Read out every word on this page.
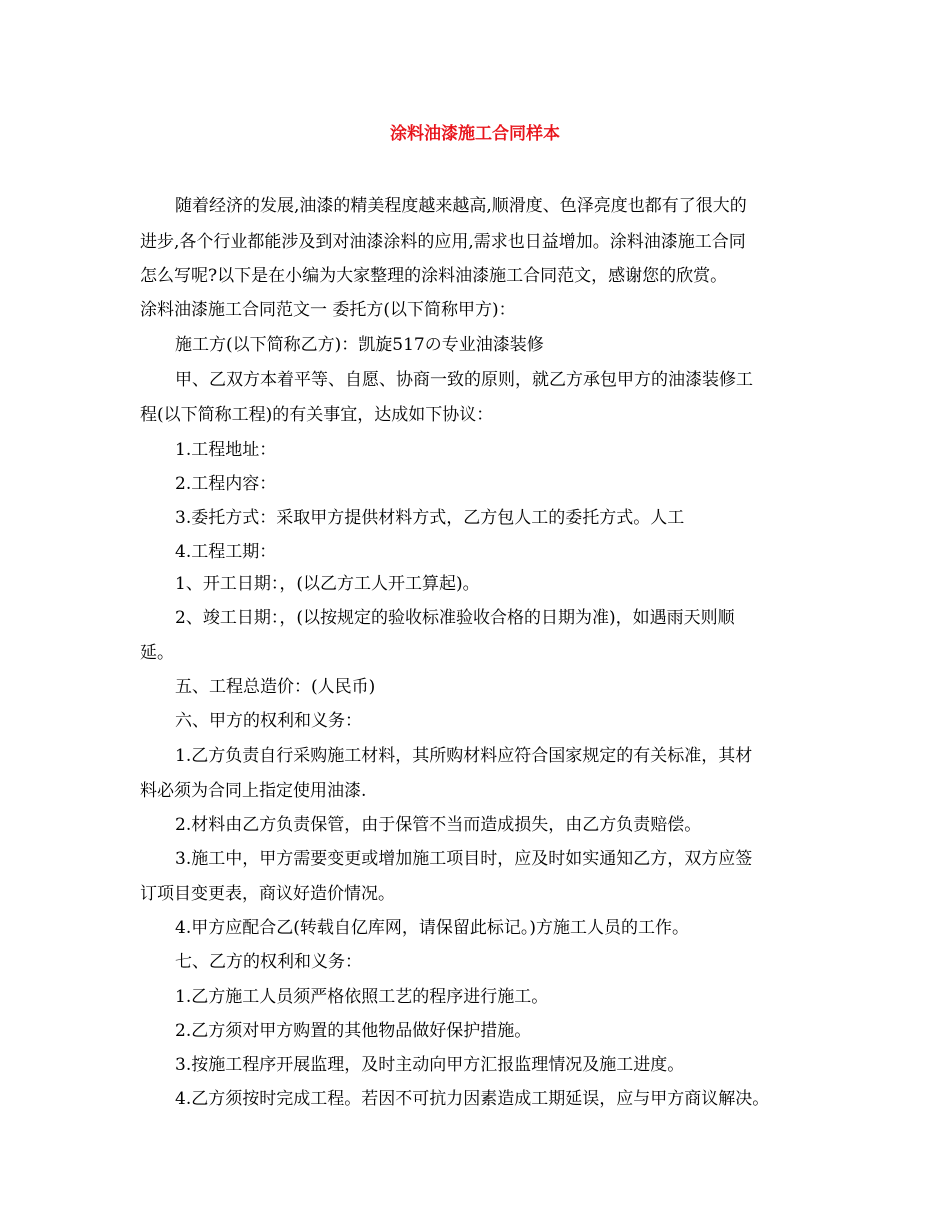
涂料油漆施工合同样本

随着经济的发展,油漆的精美程度越来越高,顺滑度、色泽亮度也都有了很大的

进步,各个行业都能涉及到对油漆涂料的应用,需求也日益增加。涂料油漆施工合同

怎么写呢?以下是在小编为大家整理的涂料油漆施工合同范文，感谢您的欣赏。

涂料油漆施工合同范文一 委托方(以下简称甲方)：

施工方(以下简称乙方)：凯旋517の专业油漆装修

甲、乙双方本着平等、自愿、协商一致的原则，就乙方承包甲方的油漆装修工

程(以下简称工程)的有关事宜，达成如下协议：

1.工程地址：

2.工程内容：

3.委托方式：采取甲方提供材料方式，乙方包人工的委托方式。人工

4.工程工期：

1、开工日期：，(以乙方工人开工算起)。

2、竣工日期：，(以按规定的验收标准验收合格的日期为准)，如遇雨天则顺

延。

五、工程总造价：(人民币)

六、甲方的权利和义务：

1.乙方负责自行采购施工材料，其所购材料应符合国家规定的有关标准，其材

料必须为合同上指定使用油漆.

2.材料由乙方负责保管，由于保管不当而造成损失，由乙方负责赔偿。

3.施工中，甲方需要变更或增加施工项目时，应及时如实通知乙方，双方应签

订项目变更表，商议好造价情况。

4.甲方应配合乙(转载自亿库网，请保留此标记。)方施工人员的工作。

七、乙方的权利和义务：

1.乙方施工人员须严格依照工艺的程序进行施工。

2.乙方须对甲方购置的其他物品做好保护措施。

3.按施工程序开展监理，及时主动向甲方汇报监理情况及施工进度。

4.乙方须按时完成工程。若因不可抗力因素造成工期延误，应与甲方商议解决。
